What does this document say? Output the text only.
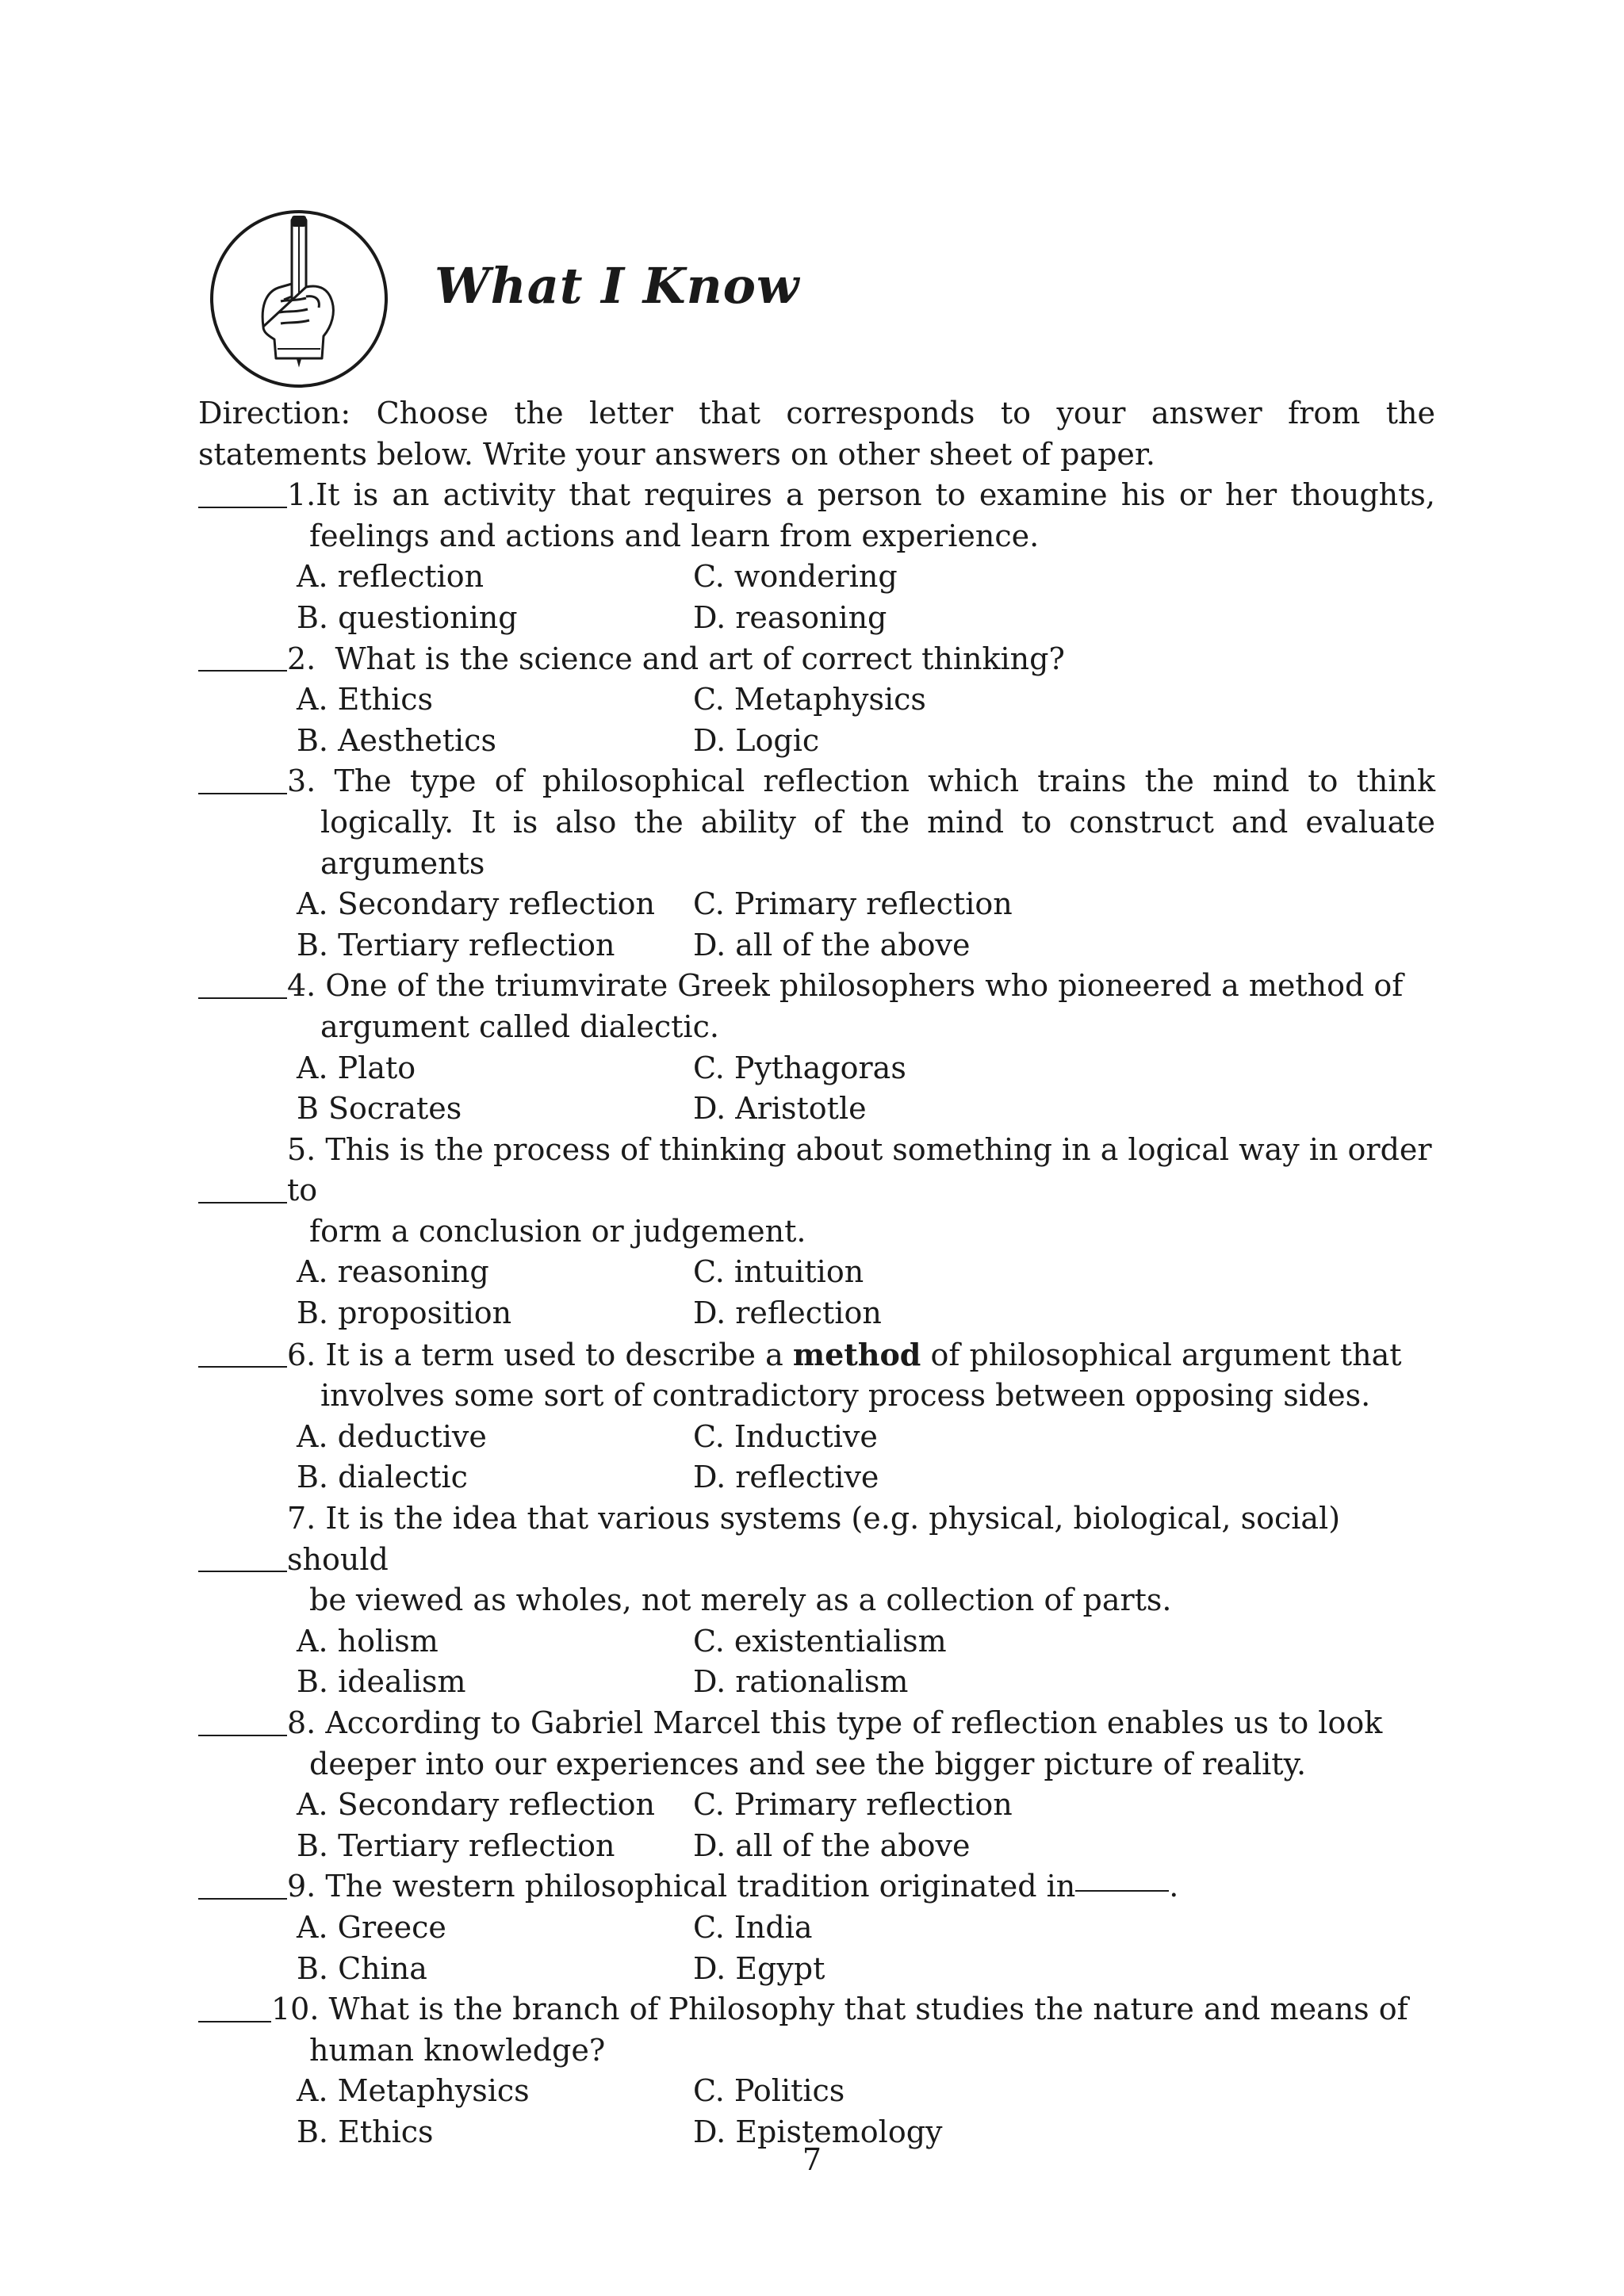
What I Know

Direction: Choose the letter that corresponds to your answer from the statements below. Write your answers on other sheet of paper.

1.It is an activity that requires a person to examine his or her thoughts,
feelings and actions and learn from experience.
A. reflection	C. wondering
B. questioning	D. reasoning
2. What is the science and art of correct thinking?
A. Ethics	C. Metaphysics
B. Aesthetics	D. Logic
3. The type of philosophical reflection which trains the mind to think
logically. It is also the ability of the mind to construct and evaluate
arguments
A. Secondary reflection	C. Primary reflection
B. Tertiary reflection	D. all of the above
4. One of the triumvirate Greek philosophers who pioneered a method of
argument called dialectic.
A. Plato	C. Pythagoras
B Socrates	D. Aristotle
5. This is the process of thinking about something in a logical way in order to
form a conclusion or judgement.
A. reasoning	C. intuition
B. proposition	D. reflection
6. It is a term used to describe a method of philosophical argument that
involves some sort of contradictory process between opposing sides.
A. deductive	C. Inductive
B. dialectic	D. reflective
7. It is the idea that various systems (e.g. physical, biological, social) should
be viewed as wholes, not merely as a collection of parts.
A. holism	C. existentialism
B. idealism	D. rationalism
8. According to Gabriel Marcel this type of reflection enables us to look
deeper into our experiences and see the bigger picture of reality.
A. Secondary reflection	C. Primary reflection
B. Tertiary reflection	D. all of the above
9. The western philosophical tradition originated in	.
A. Greece	C. India
B. China	D. Egypt
10. What is the branch of Philosophy that studies the nature and means of
human knowledge?
A. Metaphysics	C. Politics
B. Ethics	D. Epistemology
7
